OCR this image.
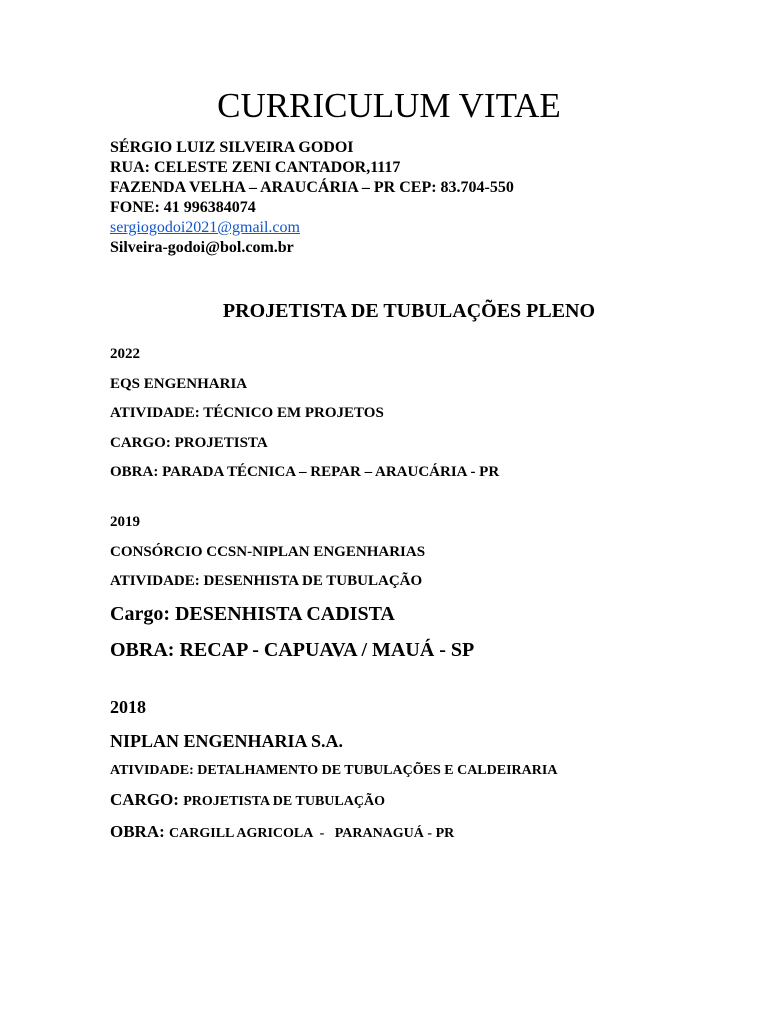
CURRICULUM VITAE
SÉRGIO LUIZ SILVEIRA GODOI
RUA: CELESTE ZENI CANTADOR,1117
FAZENDA VELHA – ARAUCÁRIA – PR CEP: 83.704-550
FONE: 41 996384074
sergiogodoi2021@gmail.com
Silveira-godoi@bol.com.br
PROJETISTA DE TUBULAÇÕES PLENO
2022
EQS ENGENHARIA
ATIVIDADE: TÉCNICO EM PROJETOS
CARGO: PROJETISTA
OBRA: PARADA TÉCNICA – REPAR – ARAUCÁRIA - PR
2019
CONSÓRCIO CCSN-NIPLAN ENGENHARIAS
ATIVIDADE: DESENHISTA DE TUBULAÇÃO
Cargo: DESENHISTA CADISTA
OBRA: RECAP - CAPUAVA / MAUÁ - SP
2018
NIPLAN ENGENHARIA S.A.
ATIVIDADE: DETALHAMENTO DE TUBULAÇÕES E CALDEIRARIA
CARGO: PROJETISTA DE TUBULAÇÃO
OBRA: CARGILL AGRICOLA  -   PARANAGUÁ - PR
